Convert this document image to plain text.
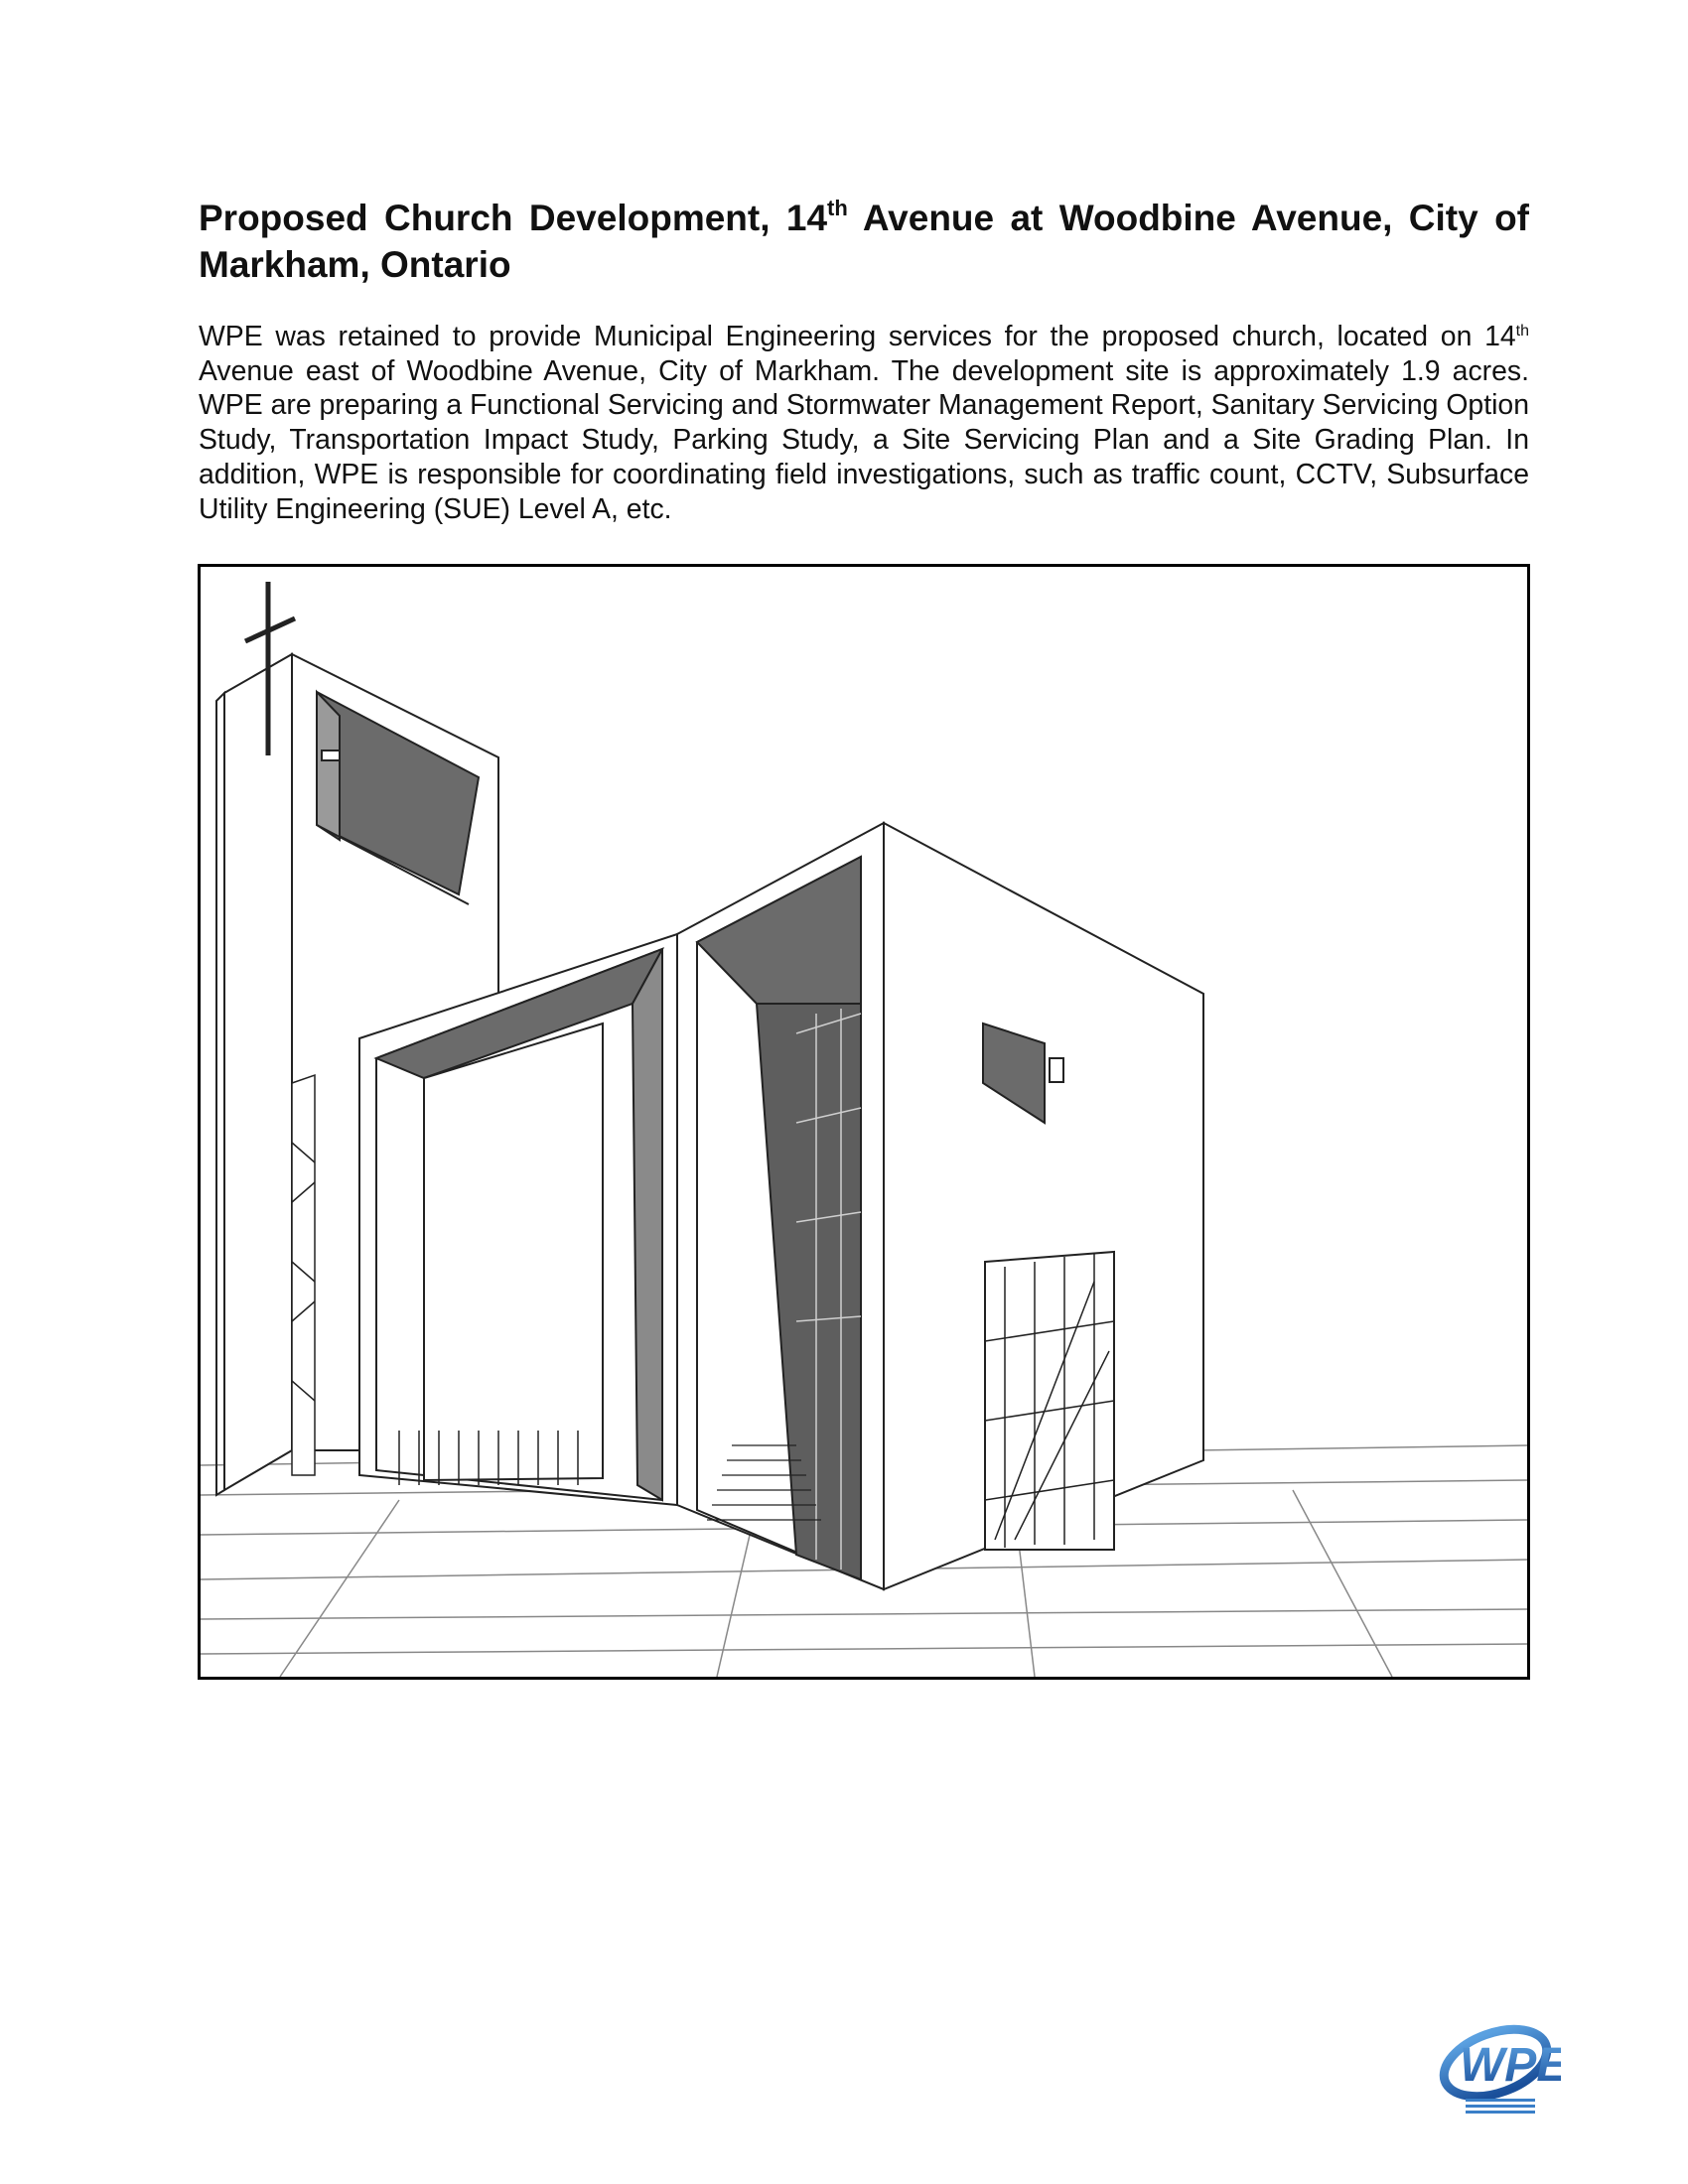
Proposed Church Development, 14th Avenue at Woodbine Avenue, City of Markham, Ontario

WPE was retained to provide Municipal Engineering services for the proposed church, located on 14th Avenue east of Woodbine Avenue, City of Markham. The development site is approximately 1.9 acres. WPE are preparing a Functional Servicing and Stormwater Management Report, Sanitary Servicing Option Study, Transportation Impact Study, Parking Study, a Site Servicing Plan and a Site Grading Plan. In addition, WPE is responsible for coordinating field investigations, such as traffic count, CCTV, Subsurface Utility Engineering (SUE) Level A, etc.

WPE
